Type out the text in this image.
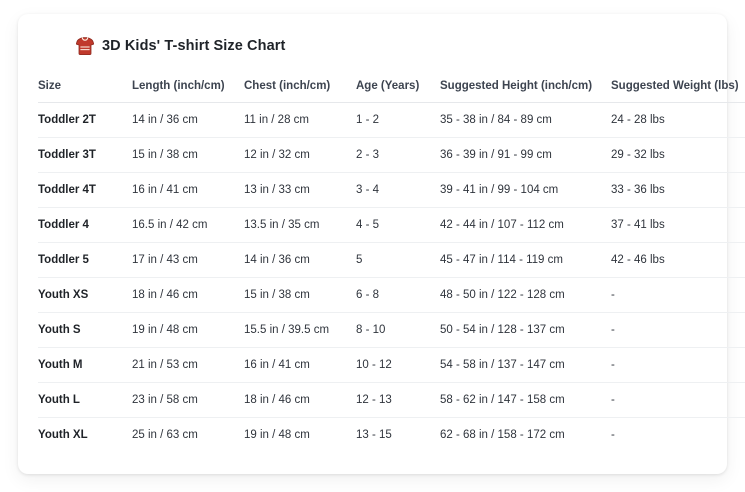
3D Kids' T-shirt Size Chart
Size	Length (inch/cm)	Chest (inch/cm)	Age (Years)	Suggested Height (inch/cm)	Suggested Weight (lbs)
Toddler 2T	14 in / 36 cm	11 in / 28 cm	1 - 2	35 - 38 in / 84 - 89 cm	24 - 28 lbs
Toddler 3T	15 in / 38 cm	12 in / 32 cm	2 - 3	36 - 39 in / 91 - 99 cm	29 - 32 lbs
Toddler 4T	16 in / 41 cm	13 in / 33 cm	3 - 4	39 - 41 in / 99 - 104 cm	33 - 36 lbs
Toddler 4	16.5 in / 42 cm	13.5 in / 35 cm	4 - 5	42 - 44 in / 107 - 112 cm	37 - 41 lbs
Toddler 5	17 in / 43 cm	14 in / 36 cm	5	45 - 47 in / 114 - 119 cm	42 - 46 lbs
Youth XS	18 in / 46 cm	15 in / 38 cm	6 - 8	48 - 50 in / 122 - 128 cm	-
Youth S	19 in / 48 cm	15.5 in / 39.5 cm	8 - 10	50 - 54 in / 128 - 137 cm	-
Youth M	21 in / 53 cm	16 in / 41 cm	10 - 12	54 - 58 in / 137 - 147 cm	-
Youth L	23 in / 58 cm	18 in / 46 cm	12 - 13	58 - 62 in / 147 - 158 cm	-
Youth XL	25 in / 63 cm	19 in / 48 cm	13 - 15	62 - 68 in / 158 - 172 cm	-
